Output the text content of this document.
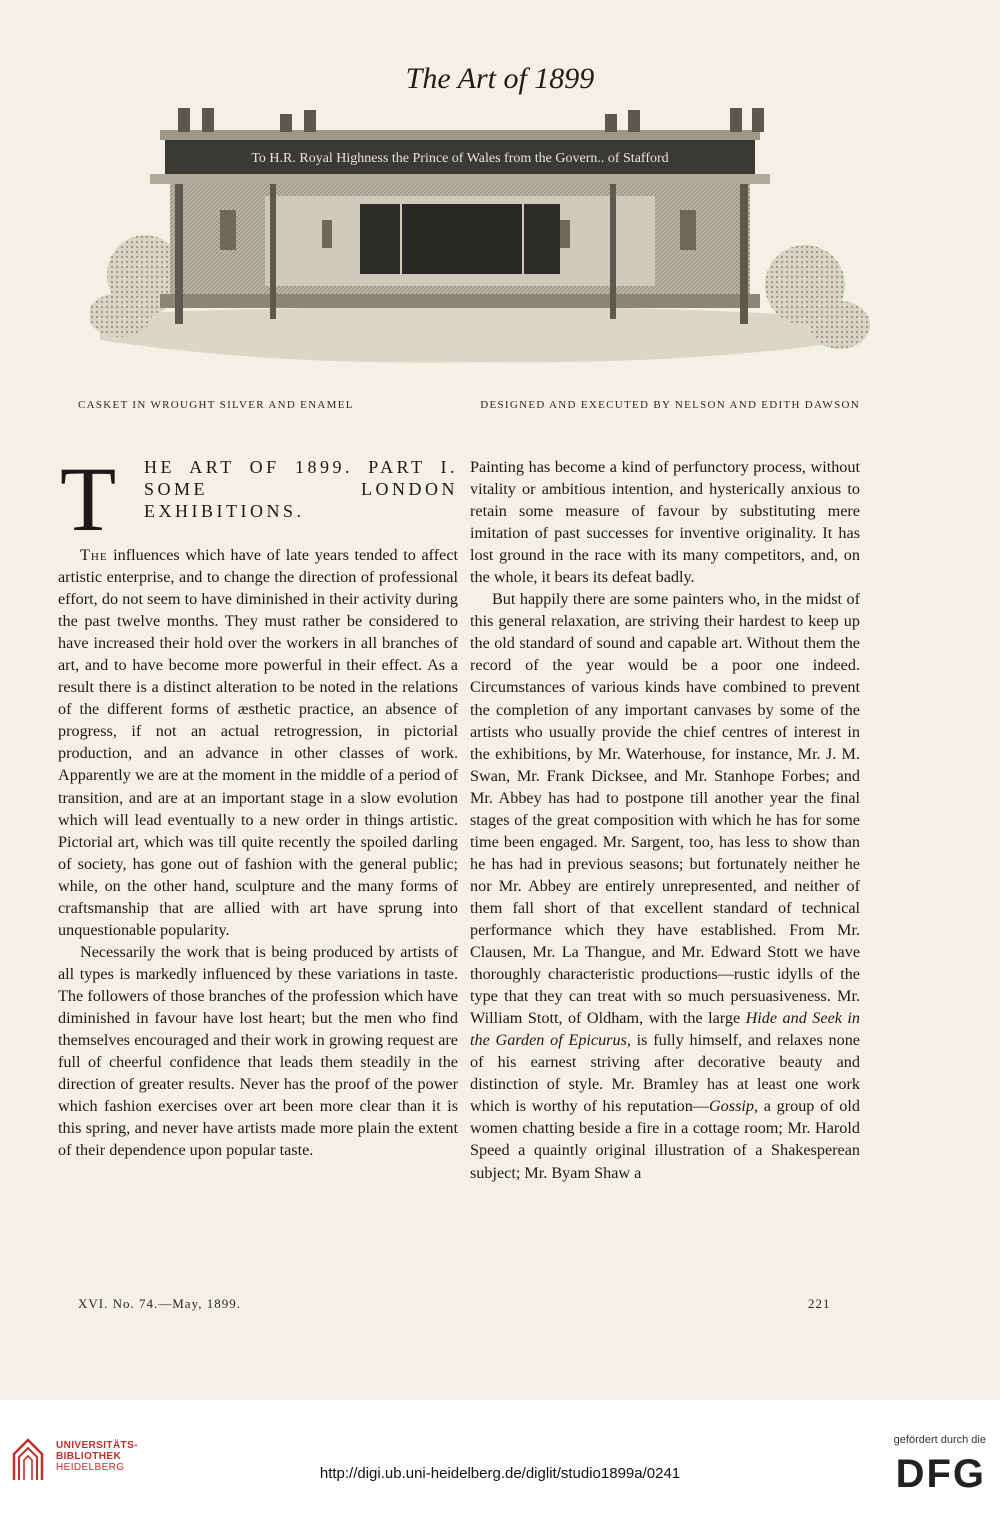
The Art of 1899
To H.R. Royal Highness the Prince of Wales from the Govern.. of Stafford
CASKET IN WROUGHT SILVER AND ENAMEL	DESIGNED AND EXECUTED BY NELSON AND EDITH DAWSON
T HE ART OF 1899. PART I. SOME LONDON EXHIBITIONS.

The influences which have of late years tended to affect artistic enterprise, and to change the direction of professional effort, do not seem to have diminished in their activity during the past twelve months. They must rather be considered to have increased their hold over the workers in all branches of art, and to have become more powerful in their effect. As a result there is a distinct alteration to be noted in the relations of the different forms of æsthetic practice, an absence of progress, if not an actual retrogression, in pictorial production, and an advance in other classes of work. Apparently we are at the moment in the middle of a period of transition, and are at an important stage in a slow evolution which will lead eventually to a new order in things artistic. Pictorial art, which was till quite recently the spoiled darling of society, has gone out of fashion with the general public; while, on the other hand, sculpture and the many forms of craftsmanship that are allied with art have sprung into unquestionable popularity.

Necessarily the work that is being produced by artists of all types is markedly influenced by these variations in taste. The followers of those branches of the profession which have diminished in favour have lost heart; but the men who find themselves encouraged and their work in growing request are full of cheerful confidence that leads them steadily in the direction of greater results. Never has the proof of the power which fashion exercises over art been more clear than it is this spring, and never have artists made more plain the extent of their dependence upon popular taste.

Painting has become a kind of perfunctory process, without vitality or ambitious intention, and hysterically anxious to retain some measure of favour by substituting mere imitation of past successes for inventive originality. It has lost ground in the race with its many competitors, and, on the whole, it bears its defeat badly.

But happily there are some painters who, in the midst of this general relaxation, are striving their hardest to keep up the old standard of sound and capable art. Without them the record of the year would be a poor one indeed. Circumstances of various kinds have combined to prevent the completion of any important canvases by some of the artists who usually provide the chief centres of interest in the exhibitions, by Mr. Waterhouse, for instance, Mr. J. M. Swan, Mr. Frank Dicksee, and Mr. Stanhope Forbes; and Mr. Abbey has had to postpone till another year the final stages of the great composition with which he has for some time been engaged. Mr. Sargent, too, has less to show than he has had in previous seasons; but fortunately neither he nor Mr. Abbey are entirely unrepresented, and neither of them fall short of that excellent standard of technical performance which they have established. From Mr. Clausen, Mr. La Thangue, and Mr. Edward Stott we have thoroughly characteristic productions—rustic idylls of the type that they can treat with so much persuasiveness. Mr. William Stott, of Oldham, with the large Hide and Seek in the Garden of Epicurus, is fully himself, and relaxes none of his earnest striving after decorative beauty and distinction of style. Mr. Bramley has at least one work which is worthy of his reputation—Gossip, a group of old women chatting beside a fire in a cottage room; Mr. Harold Speed a quaintly original illustration of a Shakesperean subject; Mr. Byam Shaw a

XVI. No. 74.—May, 1899.	221
UNIVERSITÄTS-
BIBLIOTHEK
HEIDELBERG	http://digi.ub.uni-heidelberg.de/diglit/studio1899a/0241
gefördert durch die
DFG
